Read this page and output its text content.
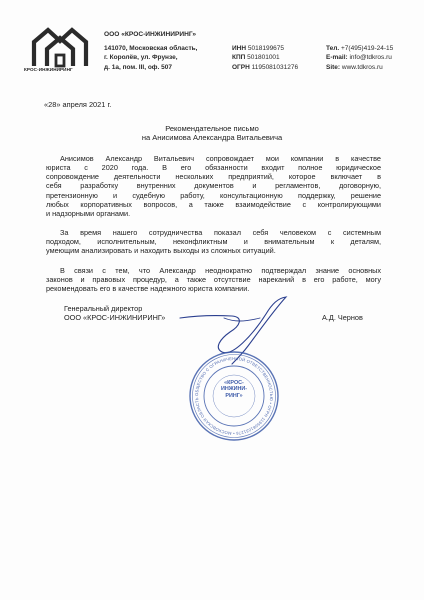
КРОС-ИНЖИНИРИНГ
ООО «КРОС-ИНЖИНИРИНГ»
141070, Московская область,
г. Королёв, ул. Фрунзе,
д. 1а, пом. III, оф. 507
ИНН 5018199675
КПП 501801001
ОГРН 1195081031276
Тел. +7(495)419-24-15
E-mail: info@tdkros.ru
Site: www.tdkros.ru
«28» апреля 2021 г.
Рекомендательное письмо
на Анисимова Александра Витальевича
Анисимов Александр Витальевич сопровождает мои компании в качестве
юриста с 2020 года. В его обязанности входит полное юридическое
сопровождение деятельности нескольких предприятий, которое включает в
себя разработку внутренних документов и регламентов, договорную,
претензионную и судебную работу, консультационную поддержку, решение
любых корпоративных вопросов, а также взаимодействие с контролирующими
и надзорными органами.
За время нашего сотрудничества показал себя человеком с системным
подходом, исполнительным, неконфликтным и внимательным к деталям,
умеющим анализировать и находить выходы из сложных ситуаций.
В связи с тем, что Александр неоднократно подтверждал знание основных
законов и правовых процедур, а также отсутствие нареканий в его работе, могу
рекомендовать его в качестве надежного юриста компании.
Генеральный директор
ООО «КРОС-ИНЖИНИРИНГ»	А.Д. Чернов
ОБЩЕСТВО С ОГРАНИЧЕННОЙ ОТВЕТСТВЕННОСТЬЮ • ОГРН 1195081031276 • МОСКОВСКАЯ ОБЛАСТЬ
«КРОС-
ИНЖИНИ-
РИНГ»
